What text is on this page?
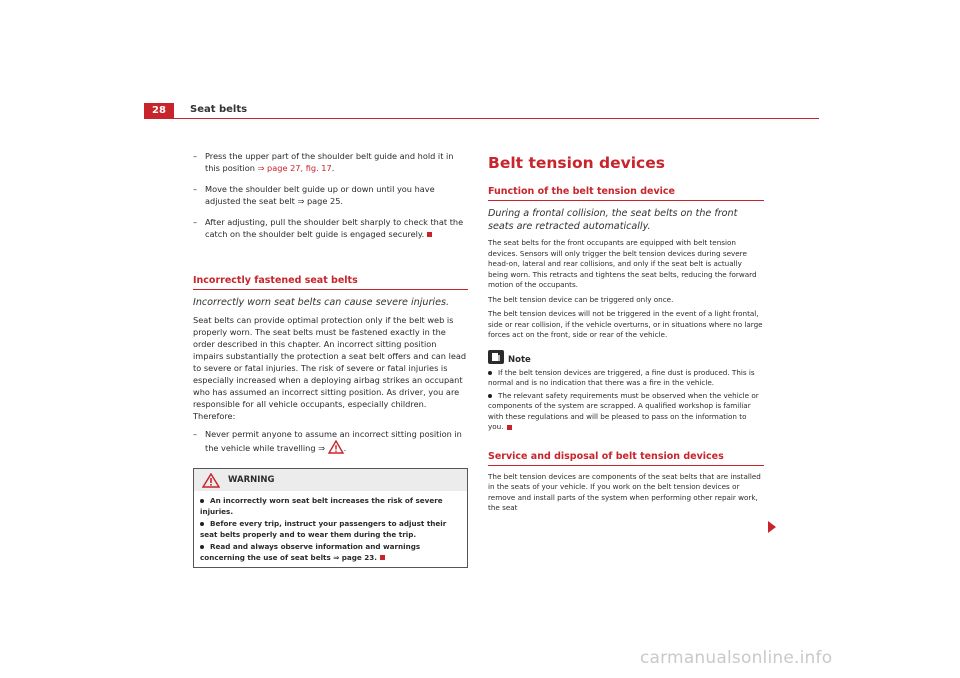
28	Seat belts

– Press the upper part of the shoulder belt guide and hold it in this position ⇒ page 27, fig. 17.

– Move the shoulder belt guide up or down until you have adjusted the seat belt ⇒ page 25.

– After adjusting, pull the shoulder belt sharply to check that the catch on the shoulder belt guide is engaged securely.

Incorrectly fastened seat belts

Incorrectly worn seat belts can cause severe injuries.

Seat belts can provide optimal protection only if the belt web is properly worn. The seat belts must be fastened exactly in the order described in this chapter. An incorrect sitting position impairs substantially the protection a seat belt offers and can lead to severe or fatal injuries. The risk of severe or fatal injuries is especially increased when a deploying airbag strikes an occupant who has assumed an incorrect sitting position. As driver, you are responsible for all vehicle occupants, especially children. Therefore:

– Never permit anyone to assume an incorrect sitting position in the vehicle while travelling ⇒ .

WARNING

An incorrectly worn seat belt increases the risk of severe injuries.

Before every trip, instruct your passengers to adjust their seat belts properly and to wear them during the trip.

Read and always observe information and warnings concerning the use of seat belts ⇒ page 23.

Belt tension devices

Function of the belt tension device

During a frontal collision, the seat belts on the front seats are retracted automatically.

The seat belts for the front occupants are equipped with belt tension devices. Sensors will only trigger the belt tension devices during severe head-on, lateral and rear collisions, and only if the seat belt is actually being worn. This retracts and tightens the seat belts, reducing the forward motion of the occupants.

The belt tension device can be triggered only once.

The belt tension devices will not be triggered in the event of a light frontal, side or rear collision, if the vehicle overturns, or in situations where no large forces act on the front, side or rear of the vehicle.

Note

If the belt tension devices are triggered, a fine dust is produced. This is normal and is no indication that there was a fire in the vehicle.

The relevant safety requirements must be observed when the vehicle or components of the system are scrapped. A qualified workshop is familiar with these regulations and will be pleased to pass on the information to you.

Service and disposal of belt tension devices

The belt tension devices are components of the seat belts that are installed in the seats of your vehicle. If you work on the belt tension devices or remove and install parts of the system when performing other repair work, the seat

carmanualsonline.info
